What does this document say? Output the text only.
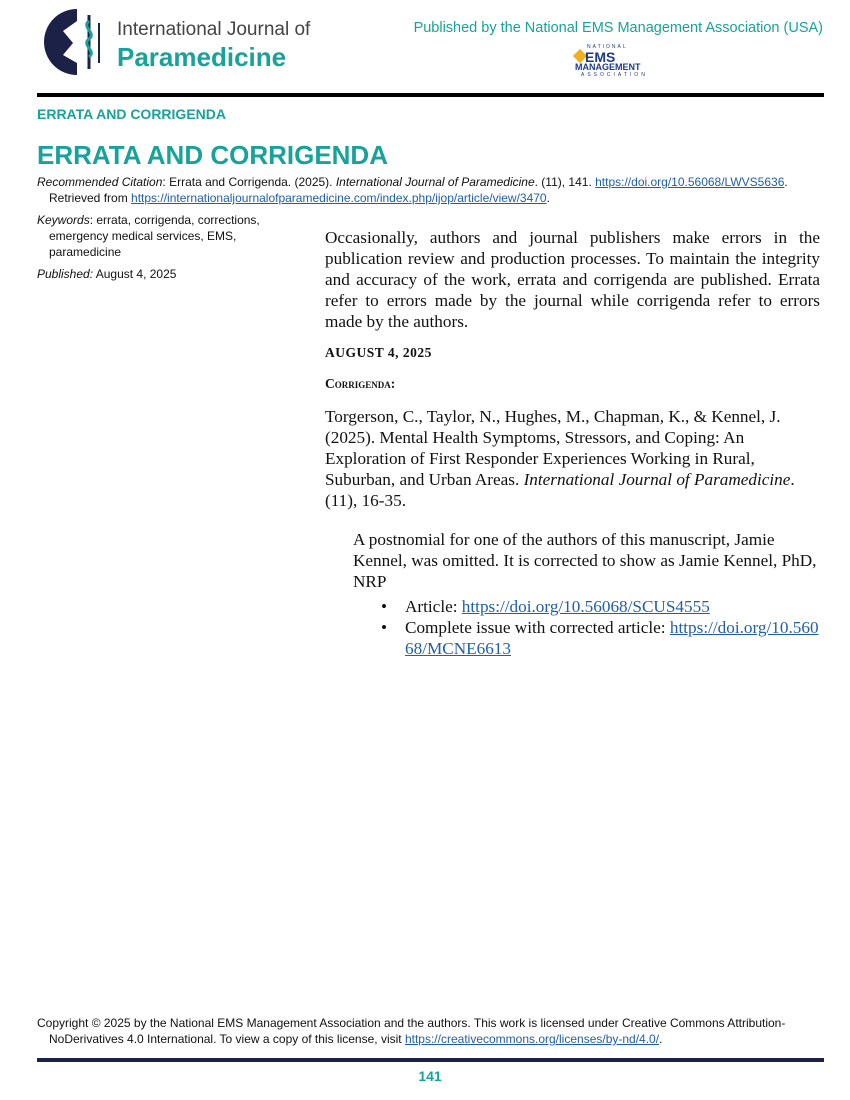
International Journal of
Paramedicine
Published by the National EMS Management Association (USA)
NATIONAL
EMS
MANAGEMENT
ASSOCIATION
ERRATA AND CORRIGENDA
ERRATA AND CORRIGENDA
Recommended Citation: Errata and Corrigenda. (2025). International Journal of Paramedicine. (11), 141. https://doi.org/10.56068/LWVS5636. Retrieved from https://internationaljournalofparamedicine.com/index.php/ijop/article/view/3470.

Keywords: errata, corrigenda, corrections, emergency medical services, EMS, paramedicine

Published: August 4, 2025

Occasionally, authors and journal publishers make errors in the publication review and production processes. To maintain the integrity and accuracy of the work, errata and corrigenda are published. Errata refer to errors made by the journal while corrigenda refer to errors made by the authors.

AUGUST 4, 2025
Corrigenda:

Torgerson, C., Taylor, N., Hughes, M., Chapman, K., & Kennel, J. (2025). Mental Health Symptoms, Stressors, and Coping: An Exploration of First Responder Experiences Working in Rural, Suburban, and Urban Areas. International Journal of Paramedicine. (11), 16-35.

A postnomial for one of the authors of this manuscript, Jamie Kennel, was omitted. It is corrected to show as Jamie Kennel, PhD, NRP

• Article: https://doi.org/10.56068/SCUS4555
• Complete issue with corrected article: https://doi.org/10.56068/MCNE6613
Copyright © 2025 by the National EMS Management Association and the authors. This work is licensed under Creative Commons Attribution-NoDerivatives 4.0 International. To view a copy of this license, visit https://creativecommons.org/licenses/by-nd/4.0/.
141
